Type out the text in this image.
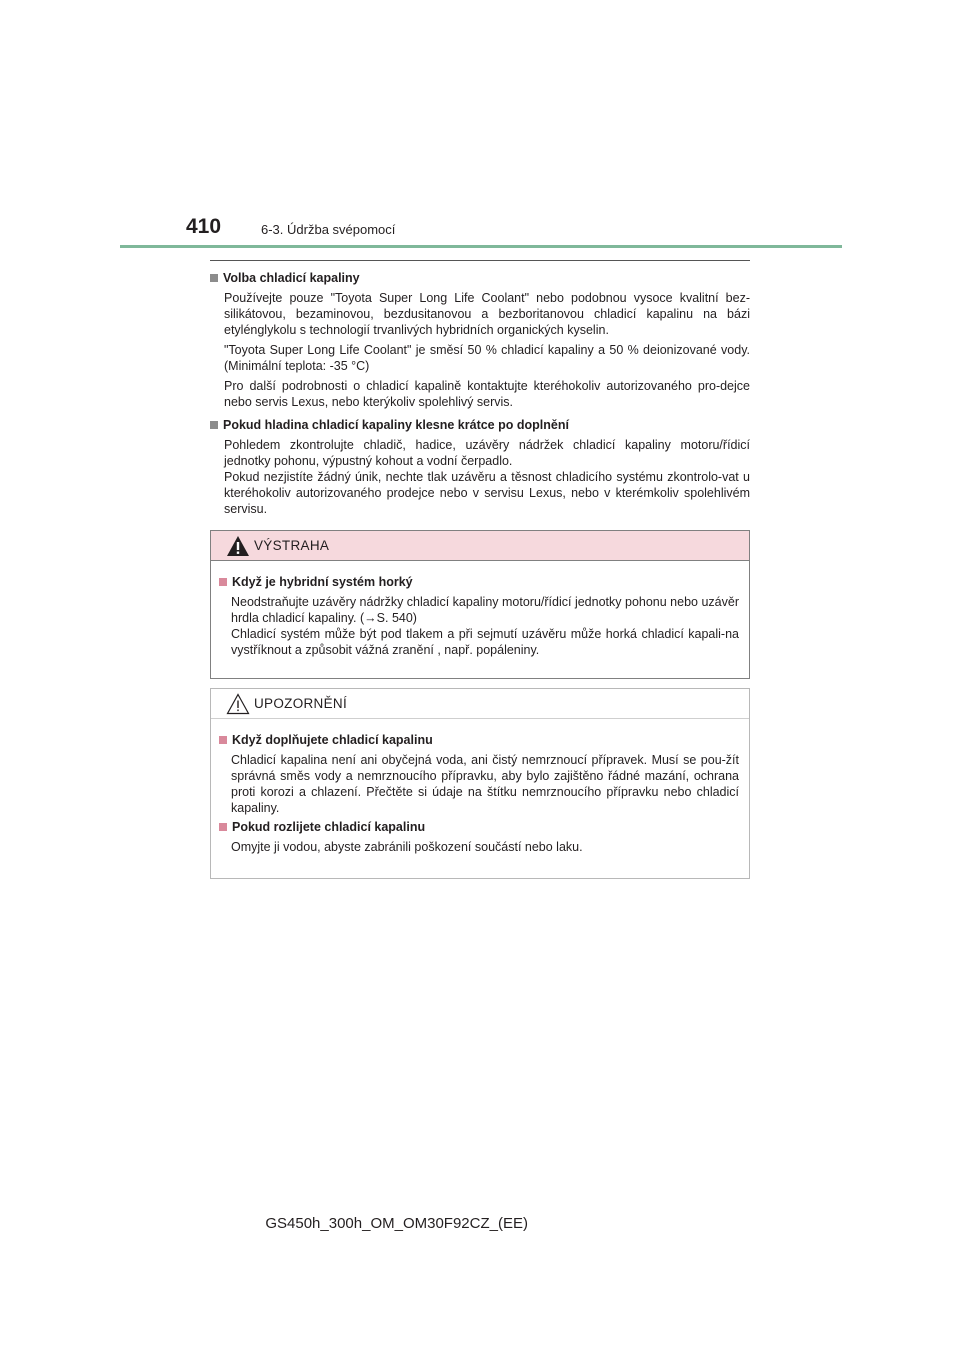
410	6-3. Údržba svépomocí
Volba chladicí kapaliny

Používejte pouze "Toyota Super Long Life Coolant" nebo podobnou vysoce kvalitní bez-silikátovou, bezaminovou, bezdusitanovou a bezboritanovou chladicí kapalinu na bázi etylénglykolu s technologií trvanlivých hybridních organických kyselin.

"Toyota Super Long Life Coolant" je směsí 50 % chladicí kapaliny a 50 % deionizované vody. (Minimální teplota: -35 °C)

Pro další podrobnosti o chladicí kapalině kontaktujte kteréhokoliv autorizovaného pro-dejce nebo servis Lexus, nebo kterýkoliv spolehlivý servis.

Pokud hladina chladicí kapaliny klesne krátce po doplnění

Pohledem zkontrolujte chladič, hadice, uzávěry nádržek chladicí kapaliny motoru/řídicí jednotky pohonu, výpustný kohout a vodní čerpadlo.

Pokud nezjistíte žádný únik, nechte tlak uzávěru a těsnost chladicího systému zkontrolo-vat u kteréhokoliv autorizovaného prodejce nebo v servisu Lexus, nebo v kterémkoliv spolehlivém servisu.

VÝSTRAHA
Když je hybridní systém horký

Neodstraňujte uzávěry nádržky chladicí kapaliny motoru/řídicí jednotky pohonu nebo uzávěr hrdla chladicí kapaliny. (→S. 540)

Chladicí systém může být pod tlakem a při sejmutí uzávěru může horká chladicí kapali-na vystříknout a způsobit vážná zranění , např. popáleniny.

UPOZORNĚNÍ
Když doplňujete chladicí kapalinu

Chladicí kapalina není ani obyčejná voda, ani čistý nemrznoucí přípravek. Musí se pou-žít správná směs vody a nemrznoucího přípravku, aby bylo zajištěno řádné mazání, ochrana proti korozi a chlazení. Přečtěte si údaje na štítku nemrznoucího přípravku nebo chladicí kapaliny.

Pokud rozlijete chladicí kapalinu

Omyjte ji vodou, abyste zabránili poškození součástí nebo laku.

GS450h_300h_OM_OM30F92CZ_(EE)
